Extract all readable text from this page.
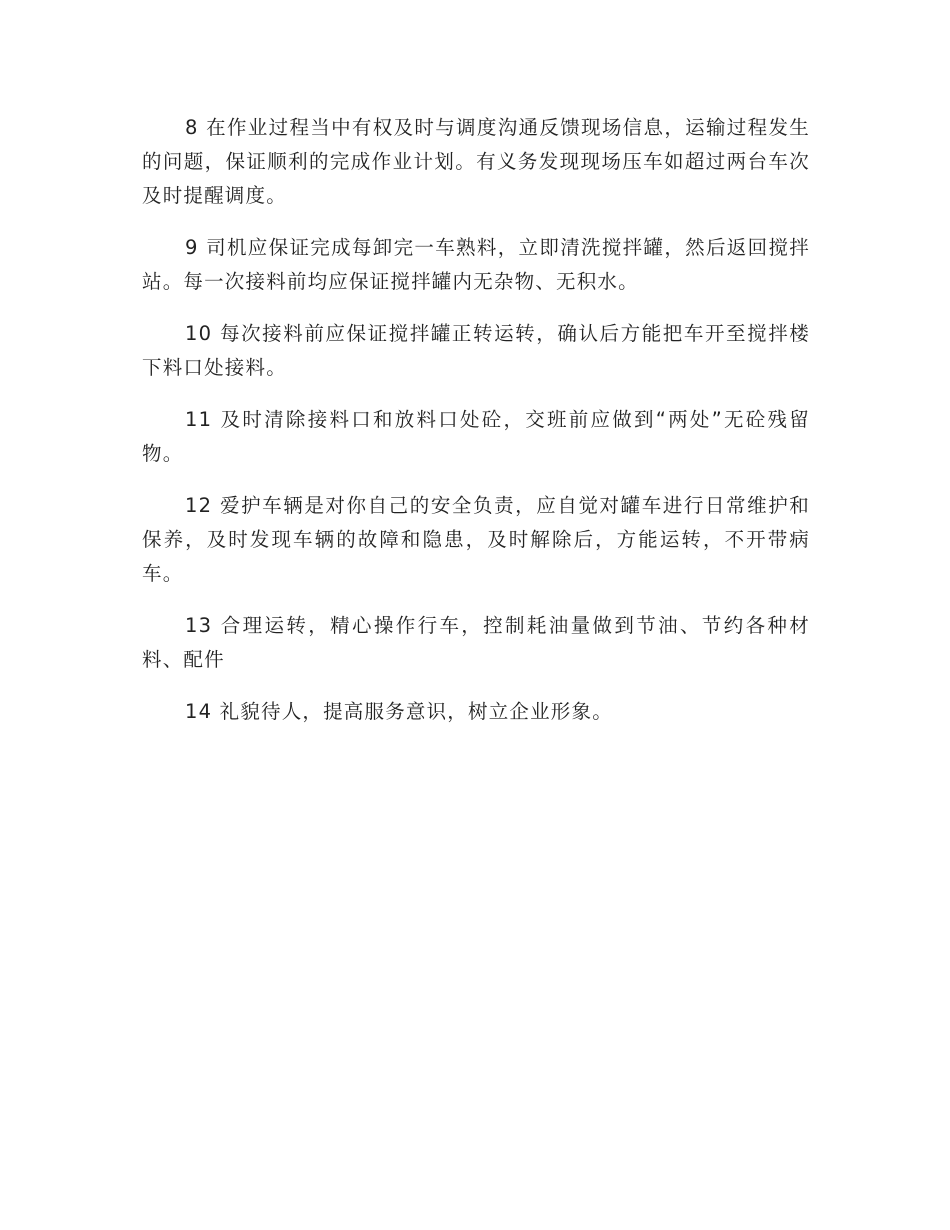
8 在作业过程当中有权及时与调度沟通反馈现场信息，运输过程发生的问题，保证顺利的完成作业计划。有义务发现现场压车如超过两台车次及时提醒调度。

9 司机应保证完成每卸完一车熟料，立即清洗搅拌罐，然后返回搅拌站。每一次接料前均应保证搅拌罐内无杂物、无积水。

10 每次接料前应保证搅拌罐正转运转，确认后方能把车开至搅拌楼下料口处接料。

11 及时清除接料口和放料口处砼，交班前应做到“两处”无砼残留物。

12 爱护车辆是对你自己的安全负责，应自觉对罐车进行日常维护和保养，及时发现车辆的故障和隐患，及时解除后，方能运转，不开带病车。

13 合理运转，精心操作行车，控制耗油量做到节油、节约各种材料、配件

14 礼貌待人，提高服务意识，树立企业形象。
